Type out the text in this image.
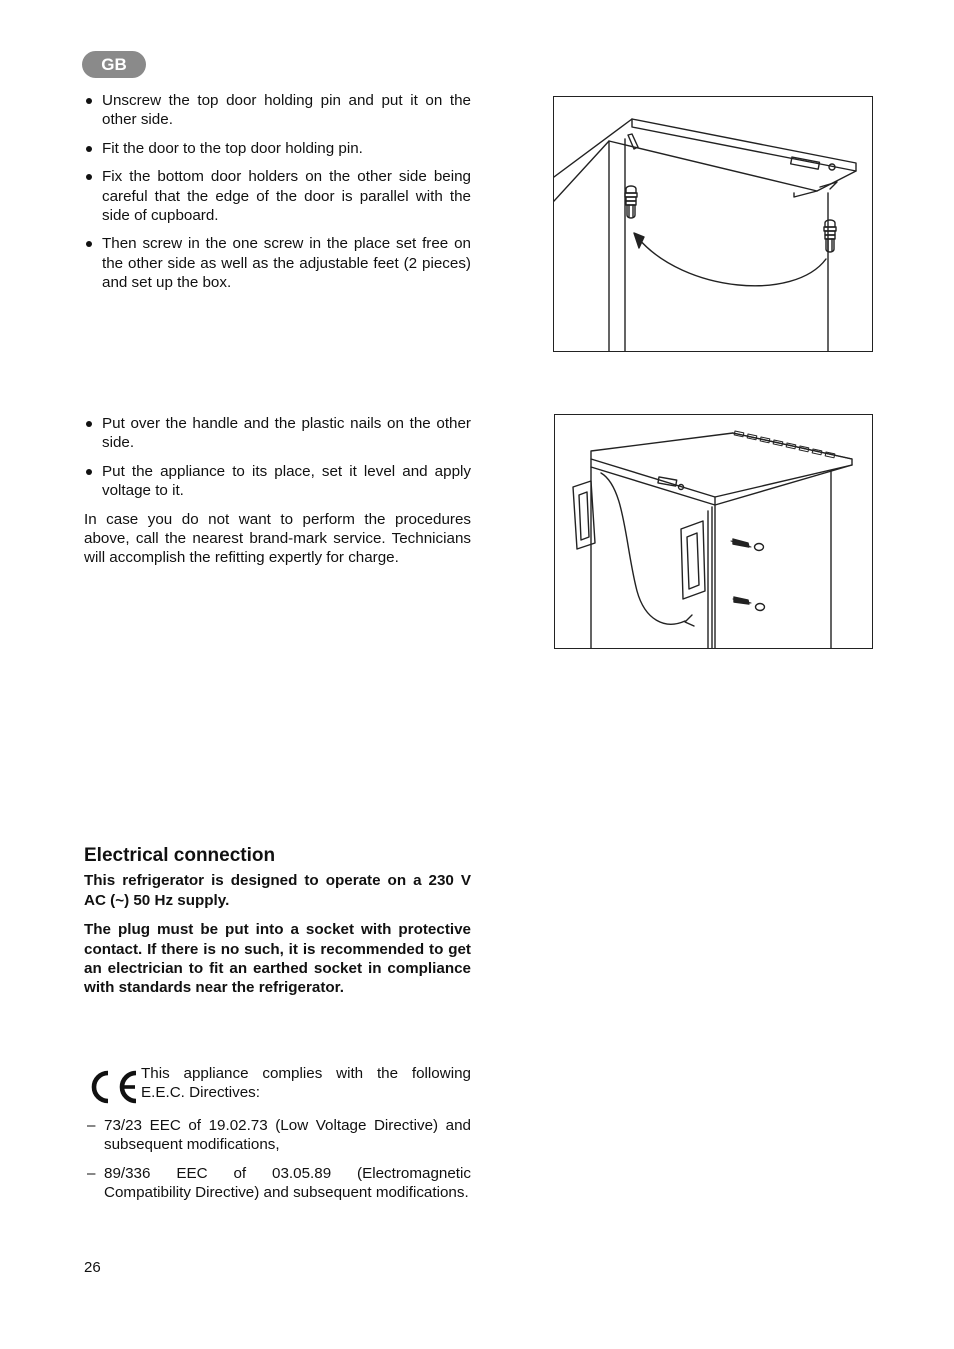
GB
Unscrew the top door holding pin and put it on the other side.
Fit the door to the top door holding pin.
Fix the bottom door holders on the other side being careful that the edge of the door is parallel with the side of cupboard.
Then screw in the one screw in the place set free on the other side as well as the adjustable feet (2 pieces) and set up the box.
Put over the handle and the plastic nails on the other side.
Put the appliance to its place, set it level and apply voltage to it.

In case you do not want to perform the procedures above, call the nearest brand-mark service. Technicians will accomplish the refitting expertly for charge.

Electrical connection

This refrigerator is designed to operate on a 230 V AC (~) 50 Hz supply.

The plug must be put into a socket with protective contact. If there is no such, it is recommended to get an electrician to fit an earthed socket in compliance with standards near the refrigerator.

This appliance complies with the following E.E.C. Directives:
– 73/23 EEC of 19.02.73 (Low Voltage Directive) and subsequent modifications,
– 89/336 EEC of 03.05.89 (Electromagnetic Compatibility Directive) and subsequent modifications.
26
